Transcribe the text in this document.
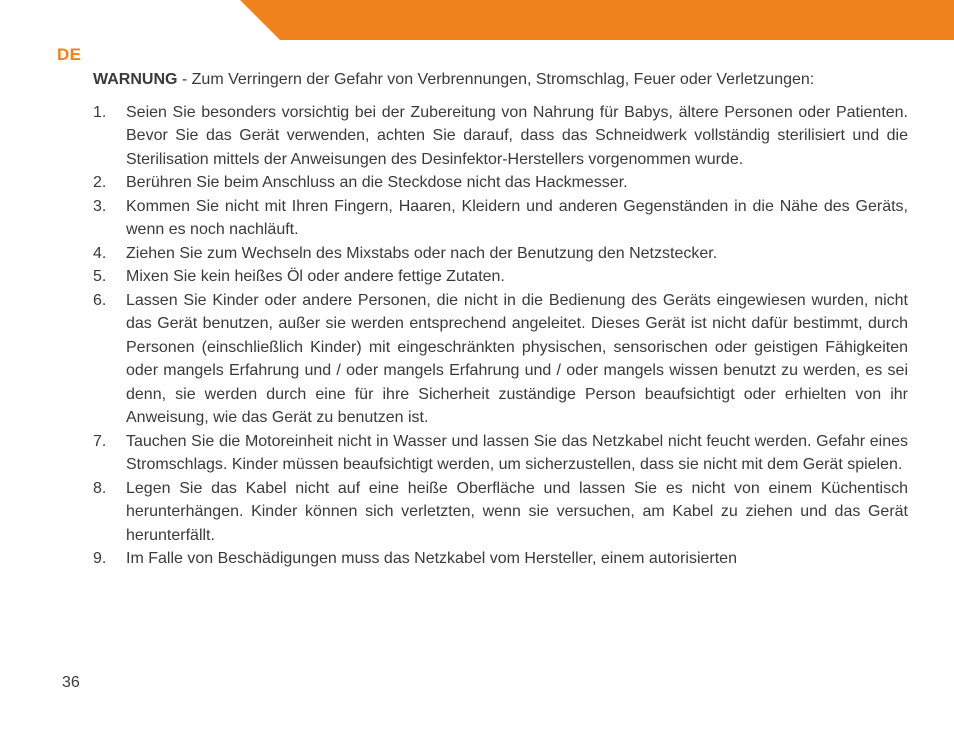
DE

WARNUNG - Zum Verringern der Gefahr von Verbrennungen, Stromschlag, Feuer oder Verletzungen:

1. Seien Sie besonders vorsichtig bei der Zubereitung von Nahrung für Babys, ältere Personen oder Patienten. Bevor Sie das Gerät verwenden, achten Sie darauf, dass das Schneidwerk vollständig sterilisiert und die Sterilisation mittels der Anweisungen des Desinfektor-Herstellers vorgenommen wurde.
2. Berühren Sie beim Anschluss an die Steckdose nicht das Hackmesser.
3. Kommen Sie nicht mit Ihren Fingern, Haaren, Kleidern und anderen Gegenständen in die Nähe des Geräts, wenn es noch nachläuft.
4. Ziehen Sie zum Wechseln des Mixstabs oder nach der Benutzung den Netzstecker.
5. Mixen Sie kein heißes Öl oder andere fettige Zutaten.
6. Lassen Sie Kinder oder andere Personen, die nicht in die Bedienung des Geräts eingewiesen wurden, nicht das Gerät benutzen, außer sie werden entsprechend angeleitet. Dieses Gerät ist nicht dafür bestimmt, durch Personen (einschließlich Kinder) mit eingeschränkten physischen, sensorischen oder geistigen Fähigkeiten oder mangels Erfahrung und / oder mangels Erfahrung und / oder mangels wissen benutzt zu werden, es sei denn, sie werden durch eine für ihre Sicherheit zuständige Person beaufsichtigt oder erhielten von ihr Anweisung, wie das Gerät zu benutzen ist.
7. Tauchen Sie die Motoreinheit nicht in Wasser und lassen Sie das Netzkabel nicht feucht werden. Gefahr eines Stromschlags. Kinder müssen beaufsichtigt werden, um sicherzustellen, dass sie nicht mit dem Gerät spielen.
8. Legen Sie das Kabel nicht auf eine heiße Oberfläche und lassen Sie es nicht von einem Küchentisch herunterhängen. Kinder können sich verletzten, wenn sie versuchen, am Kabel zu ziehen und das Gerät herunterfällt.
9. Im Falle von Beschädigungen muss das Netzkabel vom Hersteller, einem autorisierten
36
